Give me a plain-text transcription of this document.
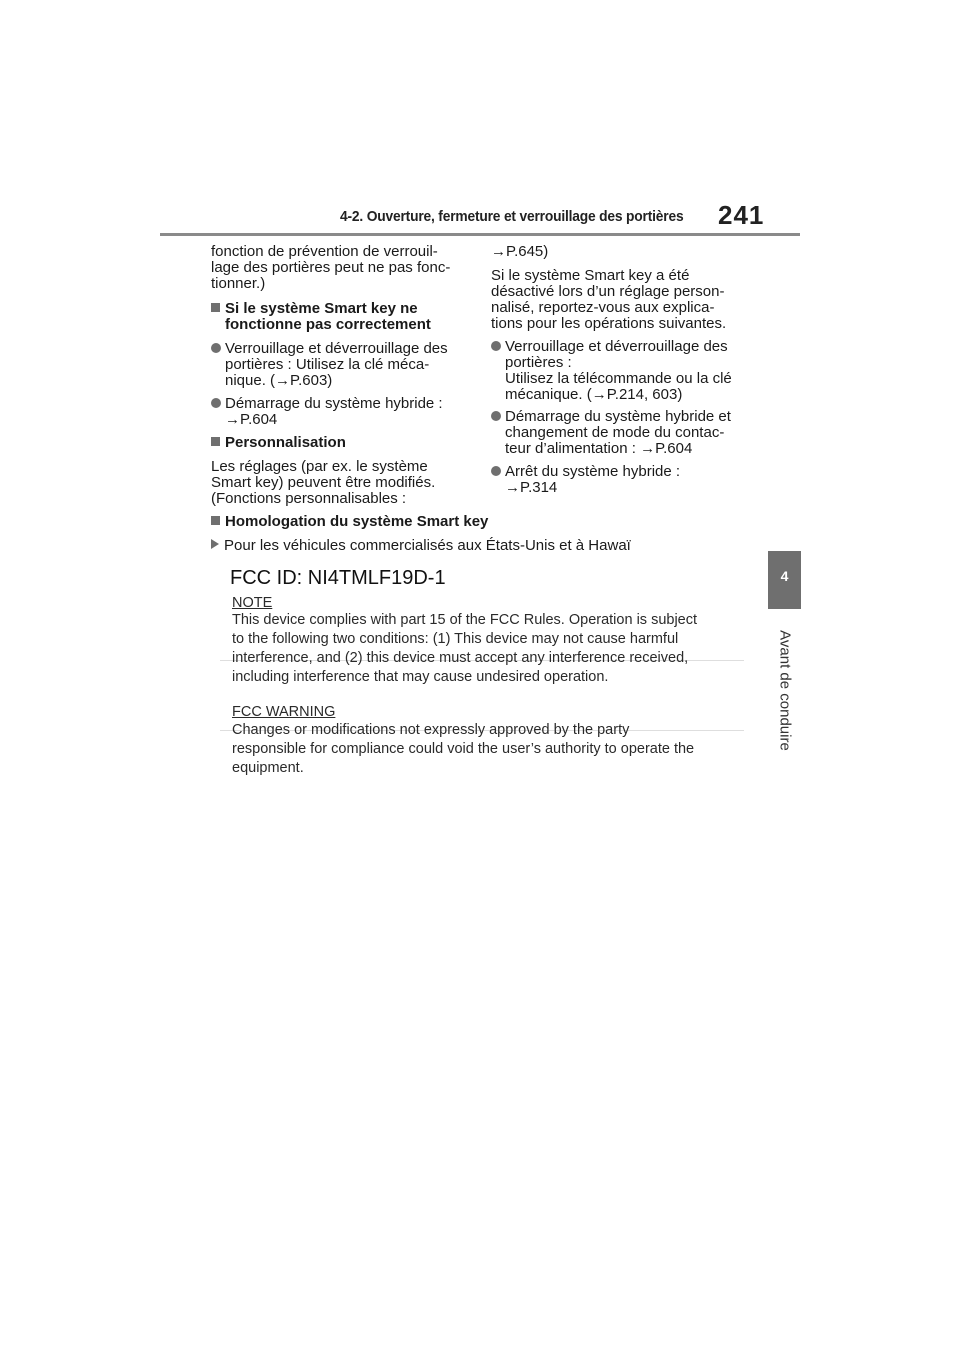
4-2. Ouverture, fermeture et verrouillage des portières 241
4
Avant de conduire
fonction de prévention de verrouil-
lage des portières peut ne pas fonc-
tionner.)
Si le système Smart key ne
fonctionne pas correctement
Verrouillage et déverrouillage des
portières : Utilisez la clé méca-
nique. (→P.603)
Démarrage du système hybride :
→P.604
Personnalisation
Les réglages (par ex. le système
Smart key) peuvent être modifiés.
(Fonctions personnalisables :
→P.645)
Si le système Smart key a été
désactivé lors d’un réglage person-
nalisé, reportez-vous aux explica-
tions pour les opérations suivantes.
Verrouillage et déverrouillage des
portières :
Utilisez la télécommande ou la clé
mécanique. (→P.214, 603)
Démarrage du système hybride et
changement de mode du contac-
teur d’alimentation : →P.604
Arrêt du système hybride :
→P.314
Homologation du système Smart key
Pour les véhicules commercialisés aux États-Unis et à Hawaï
FCC ID: NI4TMLF19D-1
NOTE
This device complies with part 15 of the FCC Rules. Operation is subject
to the following two conditions: (1) This device may not cause harmful
interference, and (2) this device must accept any interference received,
including interference that may cause undesired operation.
FCC WARNING
Changes or modifications not expressly approved by the party
responsible for compliance could void the user’s authority to operate the
equipment.
